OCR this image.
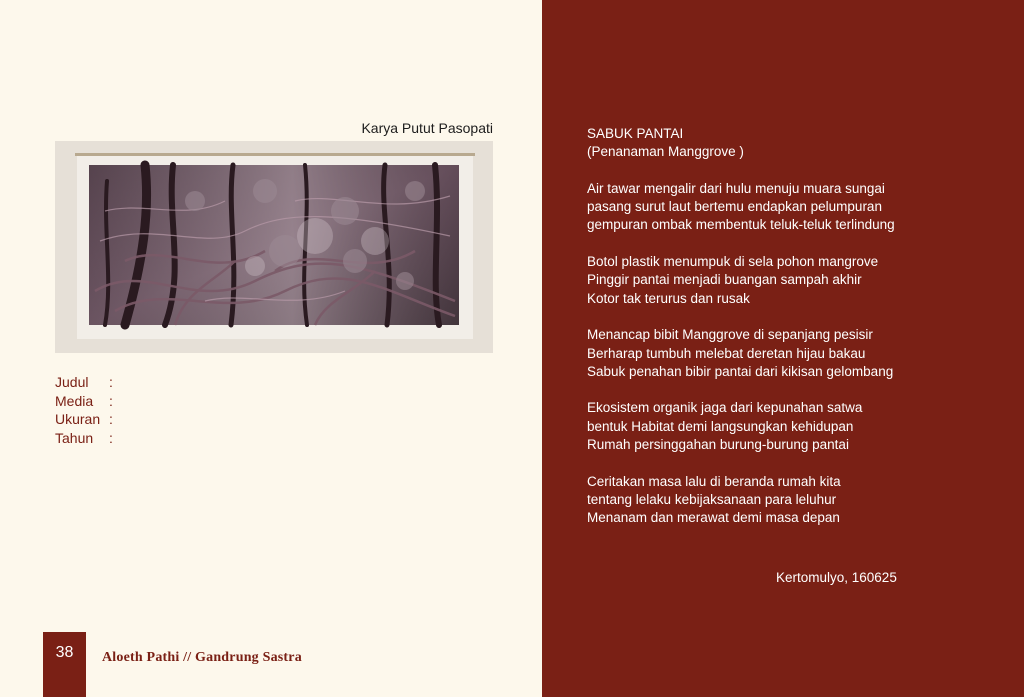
Karya Putut Pasopati
Judul	:
Media	:
Ukuran :
Tahun	:
38	Aloeth Pathi // Gandrung Sastra
SABUK PANTAI
(Penanaman Manggrove )
Air tawar mengalir dari hulu menuju muara sungai
pasang surut laut bertemu endapkan pelumpuran
gempuran ombak membentuk teluk-teluk terlindung
Botol plastik menumpuk di sela pohon mangrove
Pinggir pantai menjadi buangan sampah akhir
Kotor tak terurus dan rusak
Menancap bibit Manggrove di sepanjang pesisir
Berharap tumbuh melebat deretan hijau bakau
Sabuk penahan bibir pantai dari kikisan gelombang
Ekosistem organik jaga dari kepunahan satwa
bentuk Habitat demi langsungkan kehidupan
Rumah persinggahan burung-burung pantai
Ceritakan masa lalu di beranda rumah kita
tentang lelaku kebijaksanaan para leluhur
Menanam dan merawat demi masa depan
Kertomulyo, 160625
